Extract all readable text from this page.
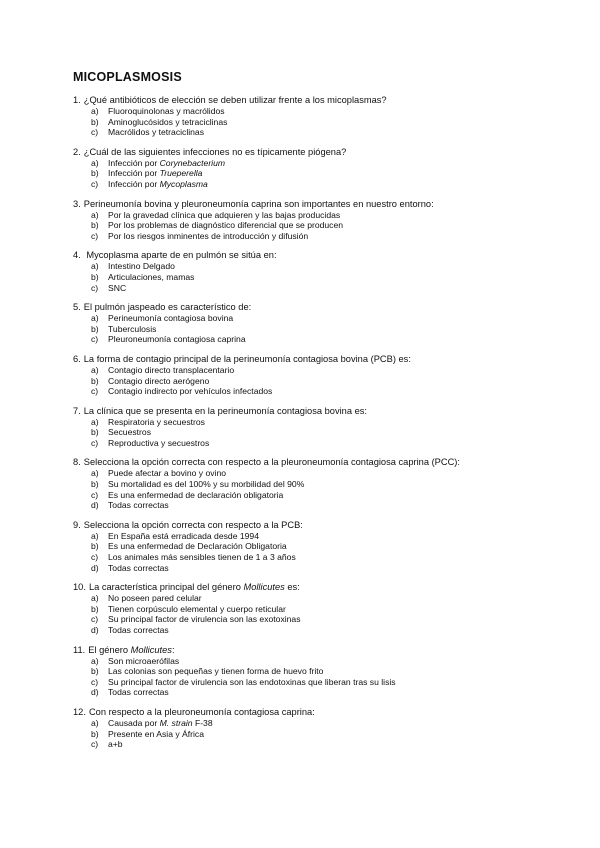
MICOPLASMOSIS
1. ¿Qué antibióticos de elección se deben utilizar frente a los micoplasmas?
a)	Fluoroquinolonas y macrólidos
b)	Aminoglucósidos y tetraciclinas
c)	Macrólidos y tetraciclinas
2. ¿Cuál de las siguientes infecciones no es típicamente piógena?
a)	Infección por Corynebacterium
b)	Infección por Trueperella
c)	Infección por Mycoplasma
3. Perineumonía bovina y pleuroneumonía caprina son importantes en nuestro entorno:
a)	Por la gravedad clínica que adquieren y las bajas producidas
b)	Por los problemas de diagnóstico diferencial que se producen
c)	Por los riesgos inminentes de introducción y difusión
4. Mycoplasma aparte de en pulmón se sitúa en:
a)	Intestino Delgado
b)	Articulaciones, mamas
c)	SNC
5. El pulmón jaspeado es característico de:
a)	Perineumonía contagiosa bovina
b)	Tuberculosis
c)	Pleuroneumonía contagiosa caprina
6. La forma de contagio principal de la perineumonía contagiosa bovina (PCB) es:
a)	Contagio directo transplacentario
b)	Contagio directo aerógeno
c)	Contagio indirecto por vehículos infectados
7. La clínica que se presenta en la perineumonía contagiosa bovina es:
a)	Respiratoria y secuestros
b)	Secuestros
c)	Reproductiva y secuestros
8. Selecciona la opción correcta con respecto a la pleuroneumonía contagiosa caprina (PCC):
a)	Puede afectar a bovino y ovino
b)	Su mortalidad es del 100% y su morbilidad del 90%
c)	Es una enfermedad de declaración obligatoria
d)	Todas correctas
9. Selecciona la opción correcta con respecto a la PCB:
a)	En España está erradicada desde 1994
b)	Es una enfermedad de Declaración Obligatoria
c)	Los animales más sensibles tienen de 1 a 3 años
d)	Todas correctas
10. La característica principal del género Mollicutes es:
a)	No poseen pared celular
b)	Tienen corpúsculo elemental y cuerpo reticular
c)	Su principal factor de virulencia son las exotoxinas
d)	Todas correctas
11. El género Mollicutes:
a)	Son microaerófilas
b)	Las colonias son pequeñas y tienen forma de huevo frito
c)	Su principal factor de virulencia son las endotoxinas que liberan tras su lisis
d)	Todas correctas
12. Con respecto a la pleuroneumonía contagiosa caprina:
a)	Causada por M. strain F-38
b)	Presente en Asia y África
c)	a+b
